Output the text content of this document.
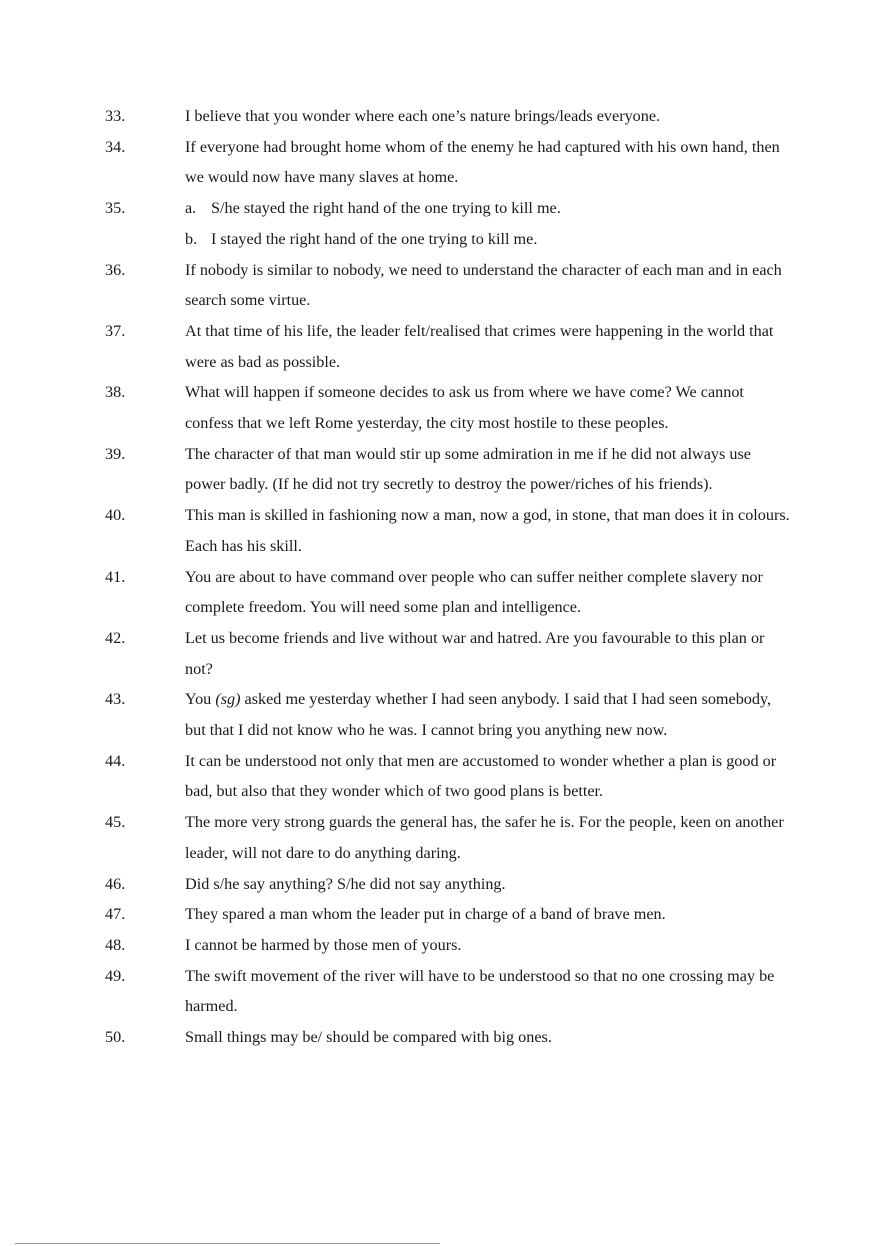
33.	I believe that you wonder where each one’s nature brings/leads everyone.
34.	If everyone had brought home whom of the enemy he had captured with his own hand, then we would now have many slaves at home.
35.	a. S/he stayed the right hand of the one trying to kill me.
b. I stayed the right hand of the one trying to kill me.
36.	If nobody is similar to nobody, we need to understand the character of each man and in each search some virtue.
37.	At that time of his life, the leader felt/realised that crimes were happening in the world that were as bad as possible.
38.	What will happen if someone decides to ask us from where we have come? We cannot confess that we left Rome yesterday, the city most hostile to these peoples.
39.	The character of that man would stir up some admiration in me if he did not always use power badly. (If he did not try secretly to destroy the power/riches of his friends).
40.	This man is skilled in fashioning now a man, now a god, in stone, that man does it in colours. Each has his skill.
41.	You are about to have command over people who can suffer neither complete slavery nor complete freedom. You will need some plan and intelligence.
42.	Let us become friends and live without war and hatred. Are you favourable to this plan or not?
43.	You (sg) asked me yesterday whether I had seen anybody. I said that I had seen somebody, but that I did not know who he was. I cannot bring you anything new now.
44.	It can be understood not only that men are accustomed to wonder whether a plan is good or bad, but also that they wonder which of two good plans is better.
45.	The more very strong guards the general has, the safer he is. For the people, keen on another leader, will not dare to do anything daring.
46.	Did s/he say anything? S/he did not say anything.
47.	They spared a man whom the leader put in charge of a band of brave men.
48.	I cannot be harmed by those men of yours.
49.	The swift movement of the river will have to be understood so that no one crossing may be harmed.
50.	Small things may be/ should be compared with big ones.
